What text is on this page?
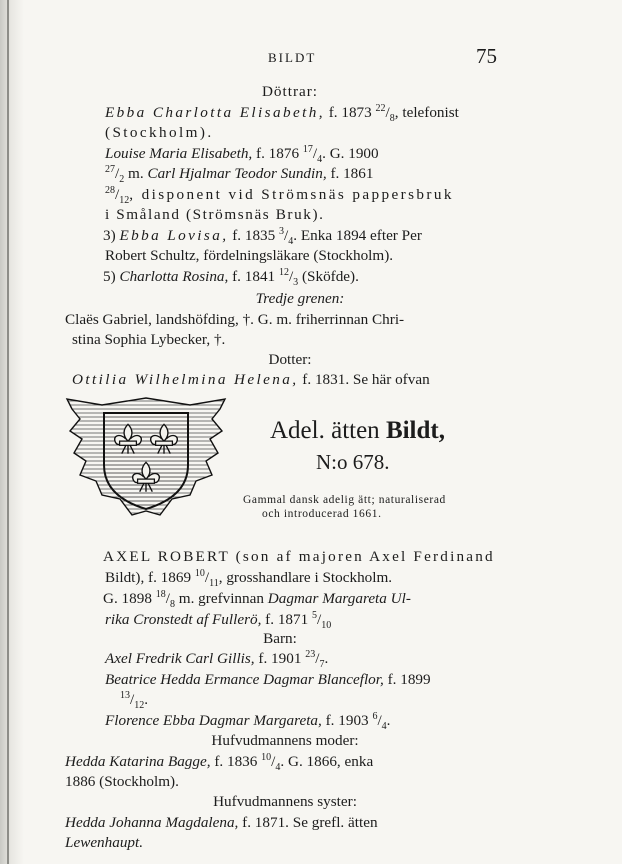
BILDT	75
Döttrar:
Ebba Charlotta Elisabeth, f. 1873 $^{22}/_8$, telefonist
(Stockholm).
Louise Maria Elisabeth, f. 1876 $^{17}/_4$. G. 1900
$^{27}/_2$ m. Carl Hjalmar Teodor Sundin, f. 1861
$^{28}/_{12}$, disponent vid Strömsnäs pappersbruk
i Småland (Strömsnäs Bruk).
3) Ebba Lovisa, f. 1835 $^3/_4$. Enka 1894 efter Per
Robert Schultz, fördelningsläkare (Stockholm).
5) Charlotta Rosina, f. 1841 $^{12}/_3$ (Sköfde).
Tredje grenen:
Claës Gabriel, landshöfding, †. G. m. friherrinnan Chri-
stina Sophia Lybecker, †.
Dotter:
Ottilia Wilhelmina Helena, f. 1831. Se här ofvan
Adel. ätten Bildt,
N:o 678.
Gammal dansk adelig ätt; naturaliserad
och introducerad 1661.
AXEL ROBERT (son af majoren Axel Ferdinand
Bildt), f. 1869 $^{10}/_{11}$, grosshandlare i Stockholm.
G. 1898 $^{18}/_8$ m. grefvinnan Dagmar Margareta Ul-
rika Cronstedt af Fullerö, f. 1871 $^5/_{10}$
Barn:
Axel Fredrik Carl Gillis, f. 1901 $^{23}/_7$.
Beatrice Hedda Ermance Dagmar Blanceflor, f. 1899
$^{13}/_{12}$.
Florence Ebba Dagmar Margareta, f. 1903 $^6/_4$.
Hufvudmannens moder:
Hedda Katarina Bagge, f. 1836 $^{10}/_4$. G. 1866, enka
1886 (Stockholm).
Hufvudmannens syster:
Hedda Johanna Magdalena, f. 1871. Se grefl. ätten
Lewenhaupt.
